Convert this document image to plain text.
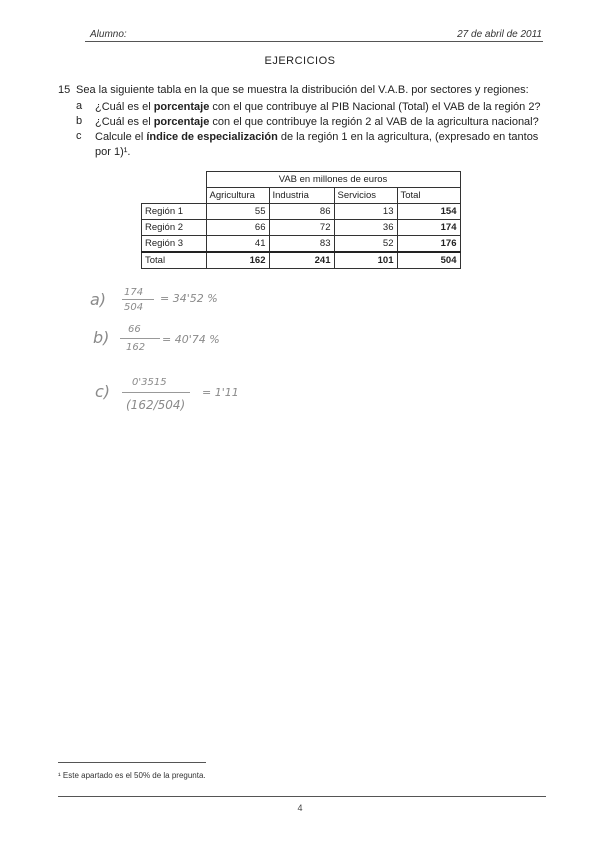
Alumno:	27 de abril de 2011
EJERCICIOS
15 Sea la siguiente tabla en la que se muestra la distribución del V.A.B. por sectores y regiones:
a ¿Cuál es el porcentaje con el que contribuye al PIB Nacional (Total) el VAB de la región 2?
b ¿Cuál es el porcentaje con el que contribuye la región 2 al VAB de la agricultura nacional?
c Calcule el índice de especialización de la región 1 en la agricultura, (expresado en tantos por 1)¹.
	VAB en millones de euros			
	Agricultura	Industria	Servicios	Total
Región 1	55	86	13	154
Región 2	66	72	36	174
Región 3	41	83	52	176
Total	162	241	101	504
a) 174
504
= 34'52 %
b) 66
162
= 40'74 %
c) 0'3515
(162/504)
= 1'11
¹ Este apartado es el 50% de la pregunta.
4
